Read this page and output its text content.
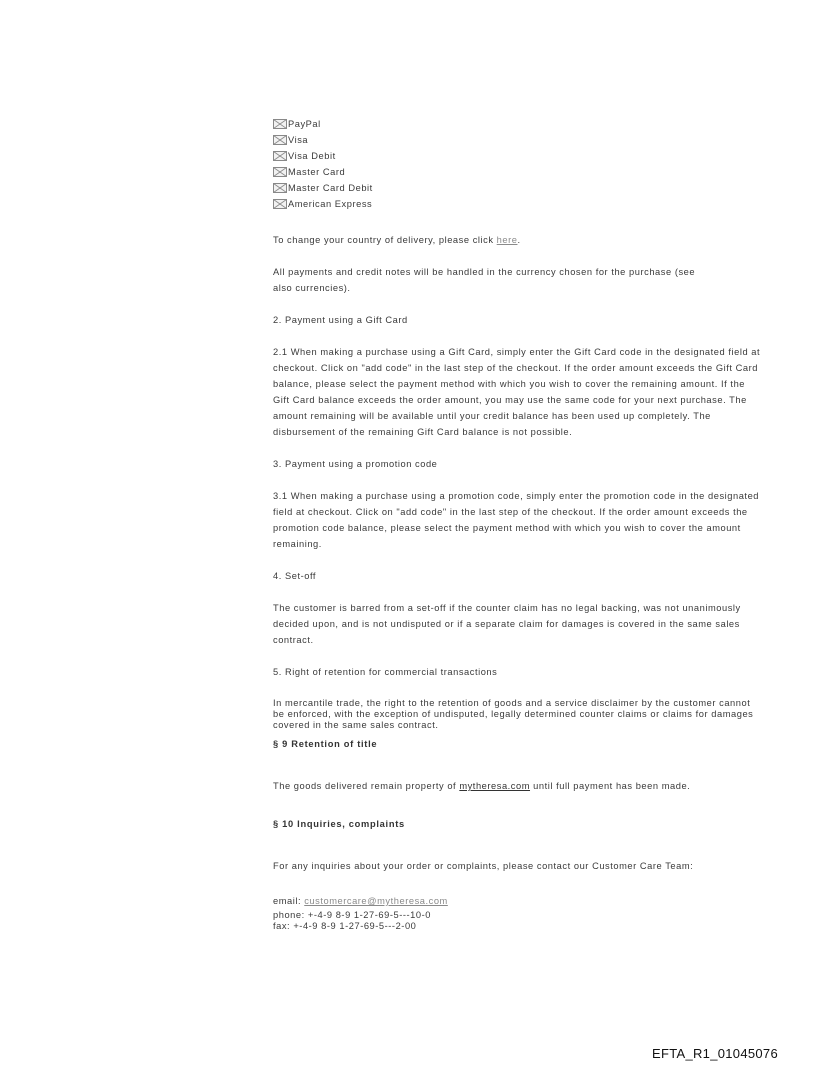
PayPal
Visa
Visa Debit
Master Card
Master Card Debit
American Express

To change your country of delivery, please click here.

All payments and credit notes will be handled in the currency chosen for the purchase (see
also currencies).

2. Payment using a Gift Card

2.1 When making a purchase using a Gift Card, simply enter the Gift Card code in the designated field at
checkout. Click on "add code" in the last step of the checkout. If the order amount exceeds the Gift Card
balance, please select the payment method with which you wish to cover the remaining amount. If the
Gift Card balance exceeds the order amount, you may use the same code for your next purchase. The
amount remaining will be available until your credit balance has been used up completely. The
disbursement of the remaining Gift Card balance is not possible.

3. Payment using a promotion code

3.1 When making a purchase using a promotion code, simply enter the promotion code in the designated
field at checkout. Click on "add code" in the last step of the checkout. If the order amount exceeds the
promotion code balance, please select the payment method with which you wish to cover the amount
remaining.

4. Set-off

The customer is barred from a set-off if the counter claim has no legal backing, was not unanimously
decided upon, and is not undisputed or if a separate claim for damages is covered in the same sales
contract.

5. Right of retention for commercial transactions

In mercantile trade, the right to the retention of goods and a service disclaimer by the customer cannot
be enforced, with the exception of undisputed, legally determined counter claims or claims for damages
covered in the same sales contract.

§ 9 Retention of title

The goods delivered remain property of mytheresa.com until full payment has been made.

§ 10 Inquiries, complaints

For any inquiries about your order or complaints, please contact our Customer Care Team:

email: customercare@mytheresa.com
phone: +-4-9 8-9 1-27-69-5---10-0
fax: +-4-9 8-9 1-27-69-5---2-00
EFTA_R1_01045076
